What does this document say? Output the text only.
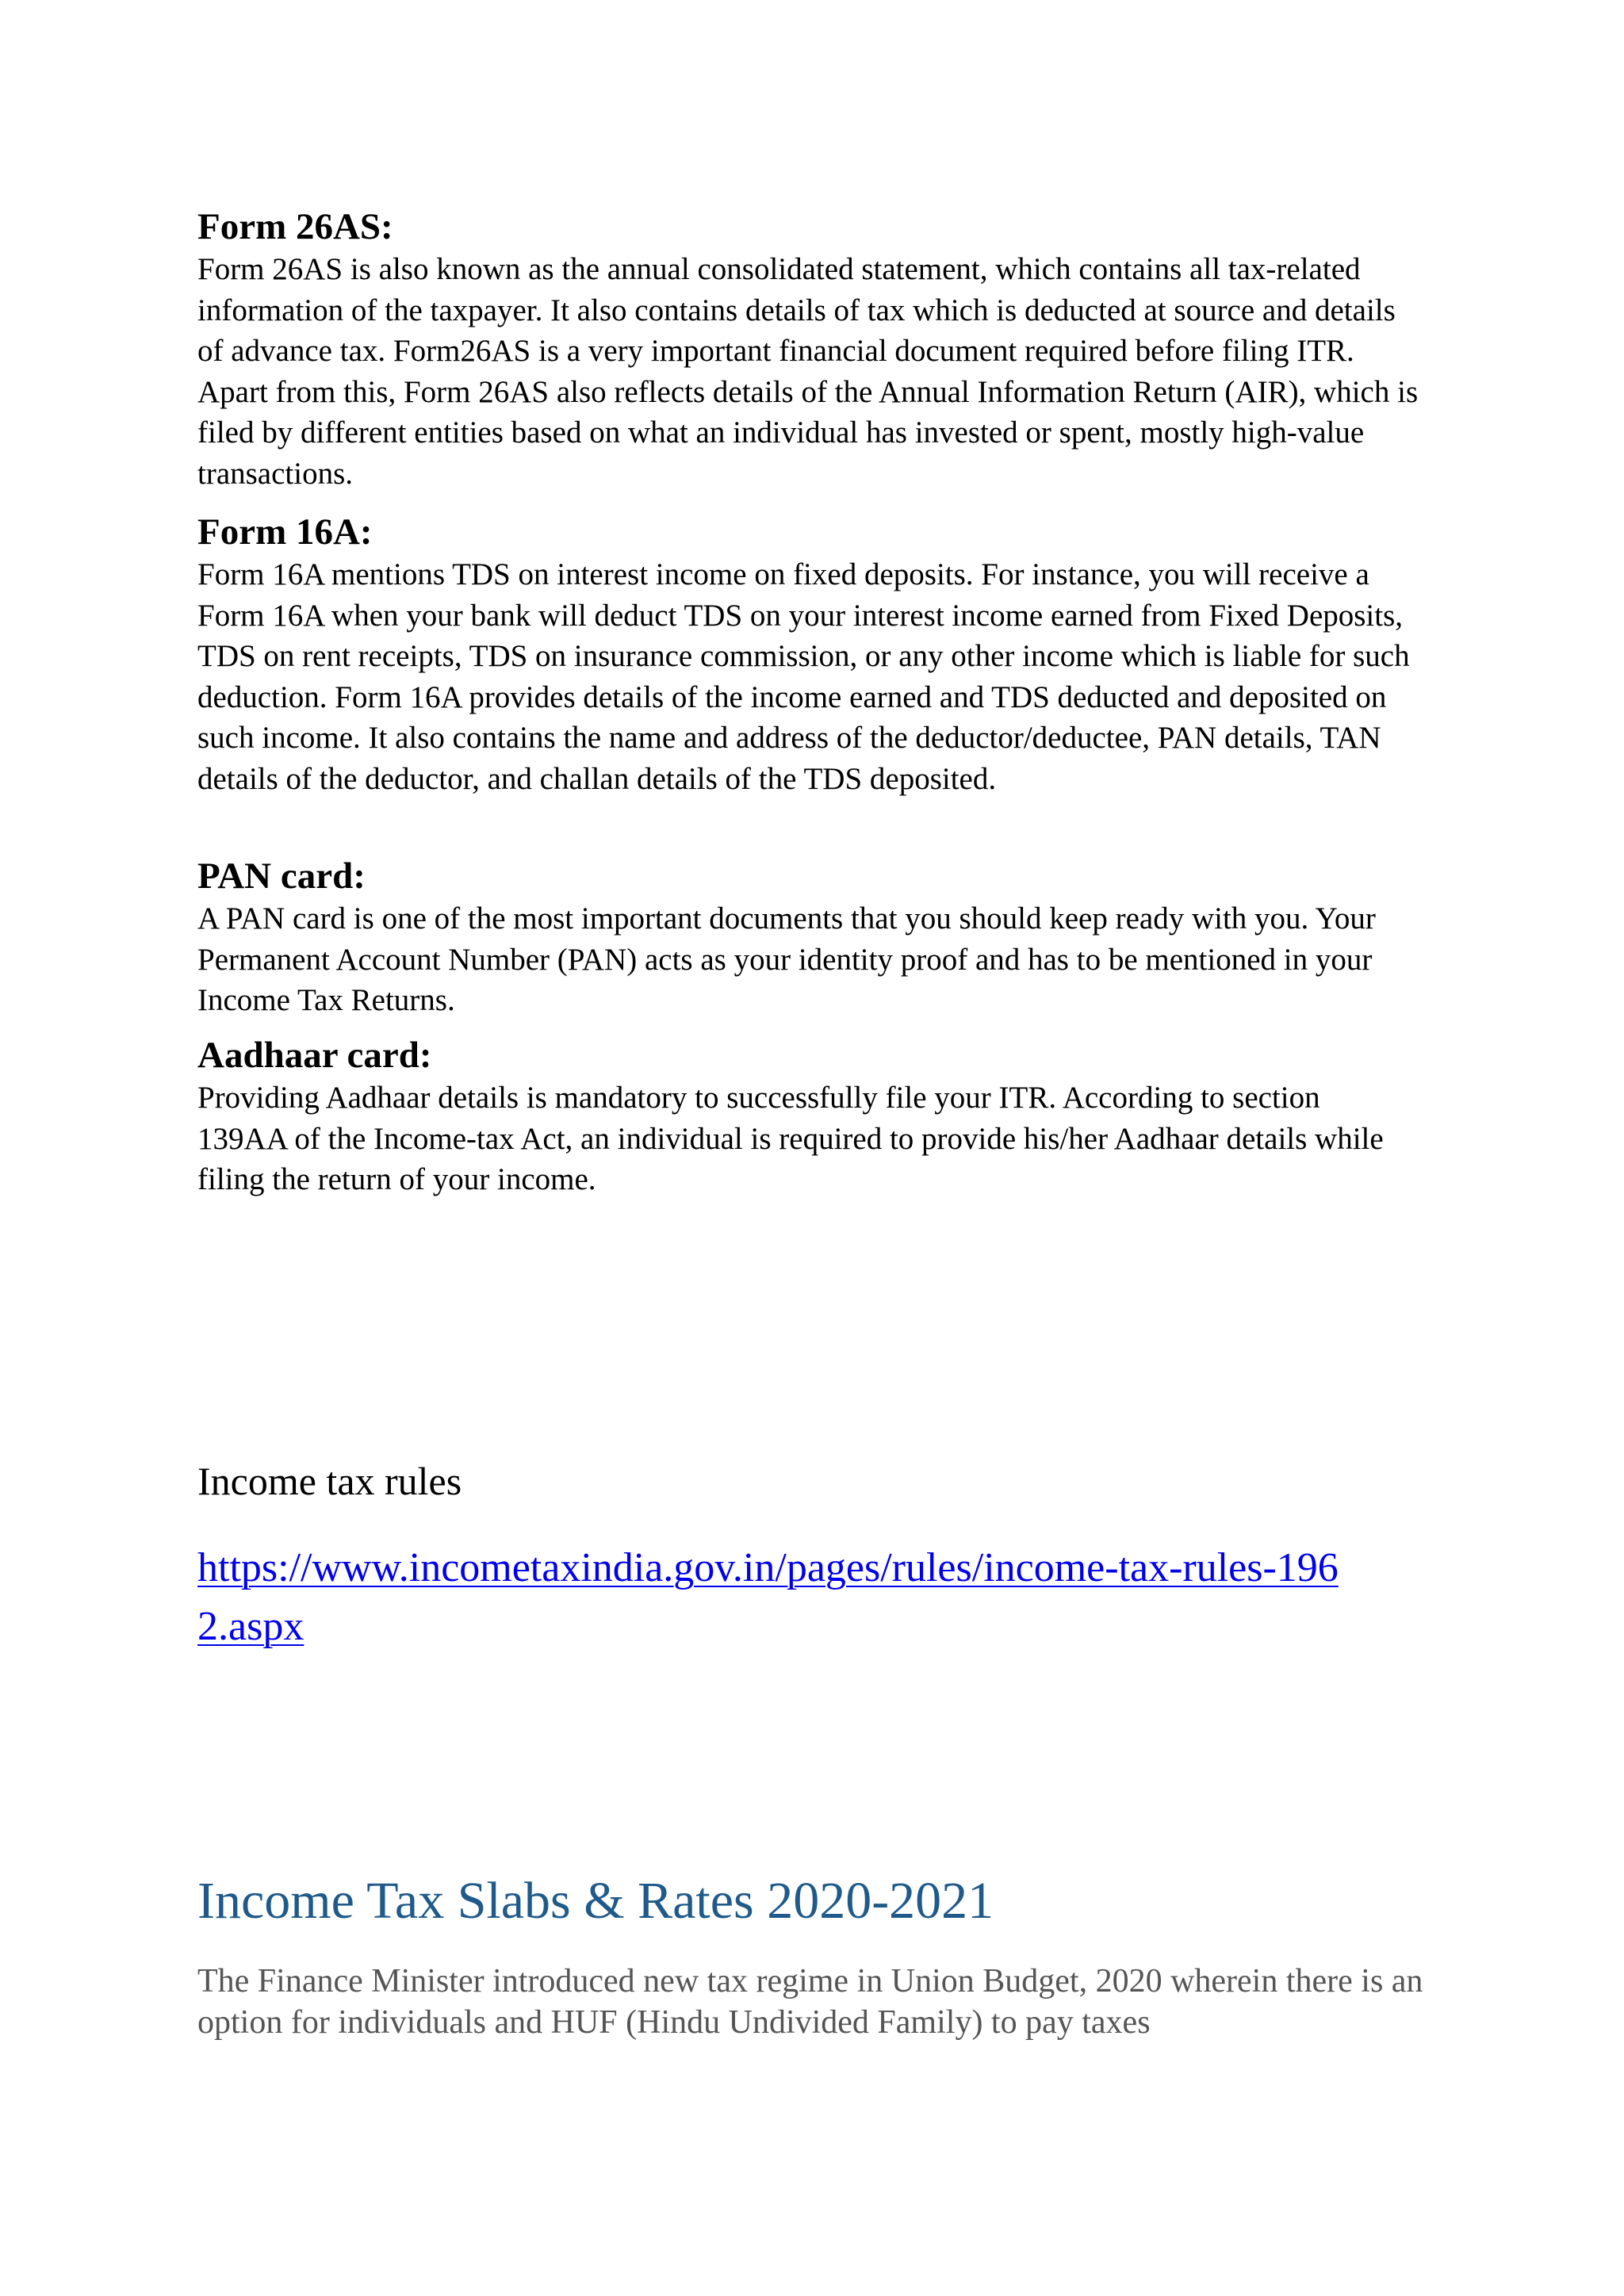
Form 26AS:

Form 26AS is also known as the annual consolidated statement, which contains all tax-related information of the taxpayer. It also contains details of tax which is deducted at source and details of advance tax. Form26AS is a very important financial document required before filing ITR. Apart from this, Form 26AS also reflects details of the Annual Information Return (AIR), which is filed by different entities based on what an individual has invested or spent, mostly high-value transactions.

Form 16A:

Form 16A mentions TDS on interest income on fixed deposits. For instance, you will receive a Form 16A when your bank will deduct TDS on your interest income earned from Fixed Deposits, TDS on rent receipts, TDS on insurance commission, or any other income which is liable for such deduction. Form 16A provides details of the income earned and TDS deducted and deposited on such income. It also contains the name and address of the deductor/deductee, PAN details, TAN details of the deductor, and challan details of the TDS deposited.

PAN card:

A PAN card is one of the most important documents that you should keep ready with you. Your Permanent Account Number (PAN) acts as your identity proof and has to be mentioned in your Income Tax Returns.

Aadhaar card:

Providing Aadhaar details is mandatory to successfully file your ITR. According to section 139AA of the Income-tax Act, an individual is required to provide his/her Aadhaar details while filing the return of your income.

Income tax rules

https://www.incometaxindia.gov.in/pages/rules/income-tax-rules-1962.aspx
Income Tax Slabs & Rates 2020-2021

The Finance Minister introduced new tax regime in Union Budget, 2020 wherein there is an option for individuals and HUF (Hindu Undivided Family) to pay taxes
